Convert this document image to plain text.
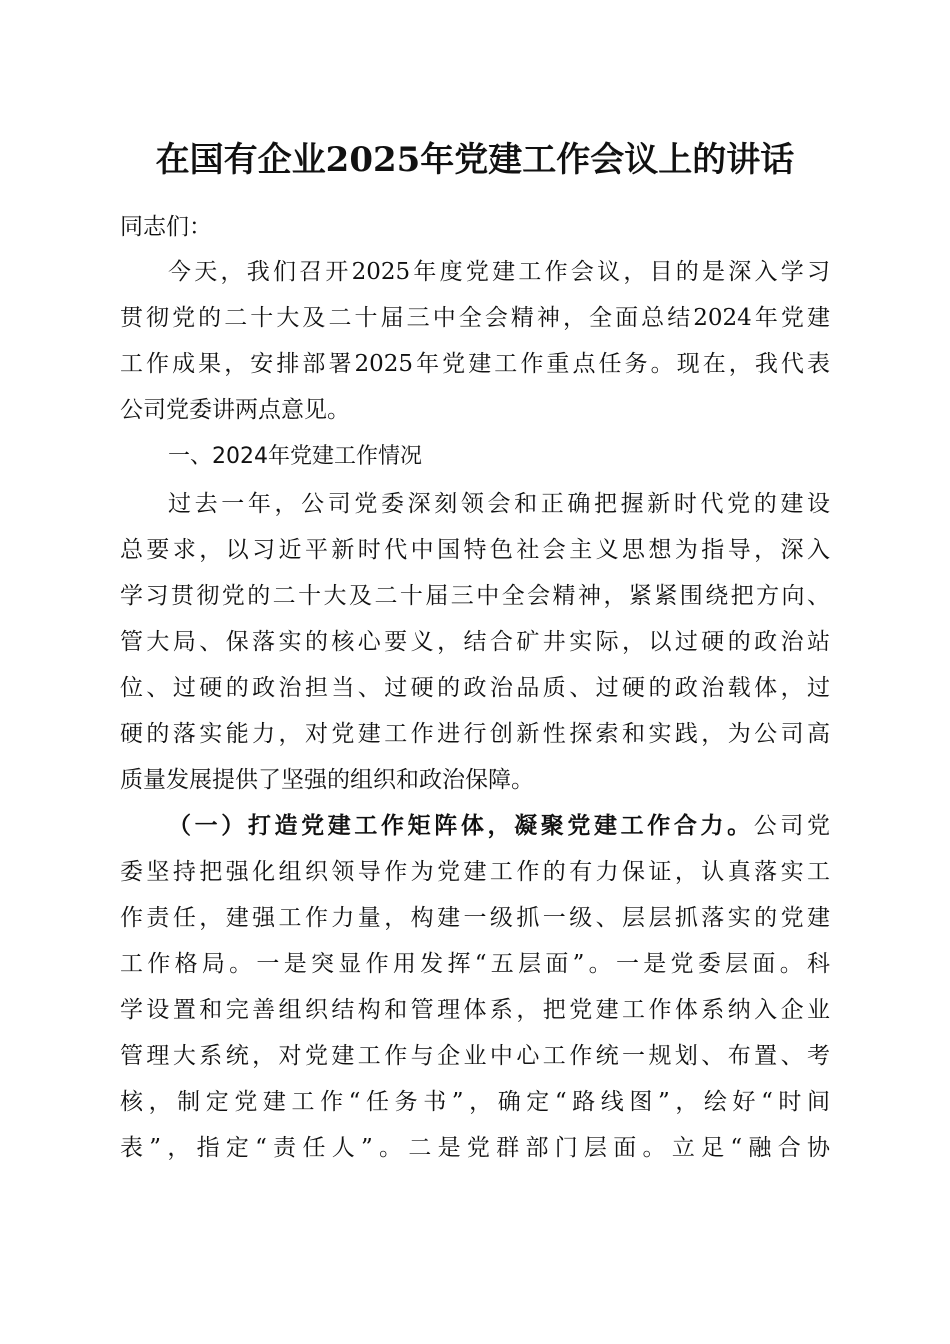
在国有企业2025年党建工作会议上的讲话
同志们：
今天，我们召开2025年度党建工作会议，目的是深入学习
贯彻党的二十大及二十届三中全会精神，全面总结2024年党建
工作成果，安排部署2025年党建工作重点任务。现在，我代表
公司党委讲两点意见。
一、2024年党建工作情况
过去一年，公司党委深刻领会和正确把握新时代党的建设
总要求，以习近平新时代中国特色社会主义思想为指导，深入
学习贯彻党的二十大及二十届三中全会精神，紧紧围绕把方向、
管大局、保落实的核心要义，结合矿井实际，以过硬的政治站
位、过硬的政治担当、过硬的政治品质、过硬的政治载体，过
硬的落实能力，对党建工作进行创新性探索和实践，为公司高
质量发展提供了坚强的组织和政治保障。
（一）打造党建工作矩阵体，凝聚党建工作合力。公司党
委坚持把强化组织领导作为党建工作的有力保证，认真落实工
作责任，建强工作力量，构建一级抓一级、层层抓落实的党建
工作格局。一是突显作用发挥“五层面”。一是党委层面。科
学设置和完善组织结构和管理体系，把党建工作体系纳入企业
管理大系统，对党建工作与企业中心工作统一规划、布置、考
核，制定党建工作“任务书”，确定“路线图”，绘好“时间
表”，指定“责任人”。二是党群部门层面。立足“融合协
